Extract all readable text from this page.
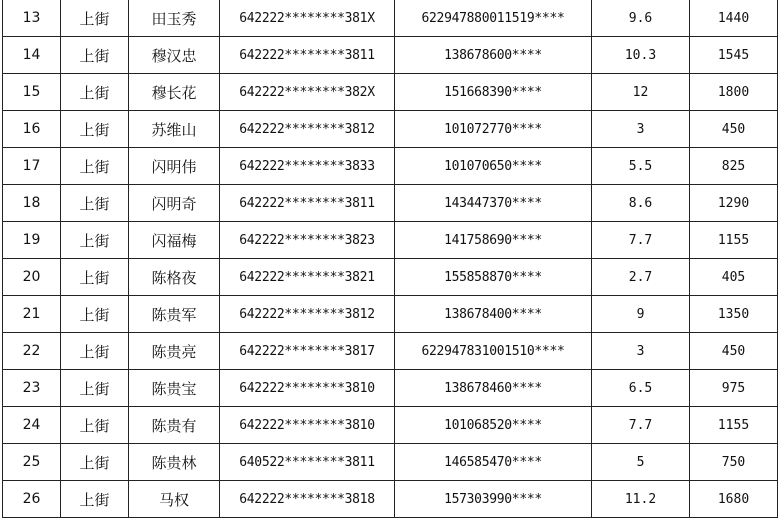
13	上街	田玉秀	642222********381X	622947880011519****	9.6	1440
14	上街	穆汉忠	642222********3811	138678600****	10.3	1545
15	上街	穆长花	642222********382X	151668390****	12	1800
16	上街	苏维山	642222********3812	101072770****	3	450
17	上街	闪明伟	642222********3833	101070650****	5.5	825
18	上街	闪明奇	642222********3811	143447370****	8.6	1290
19	上街	闪福梅	642222********3823	141758690****	7.7	1155
20	上街	陈格夜	642222********3821	155858870****	2.7	405
21	上街	陈贵军	642222********3812	138678400****	9	1350
22	上街	陈贵亮	642222********3817	622947831001510****	3	450
23	上街	陈贵宝	642222********3810	138678460****	6.5	975
24	上街	陈贵有	642222********3810	101068520****	7.7	1155
25	上街	陈贵林	640522********3811	146585470****	5	750
26	上街	马权	642222********3818	157303990****	11.2	1680
